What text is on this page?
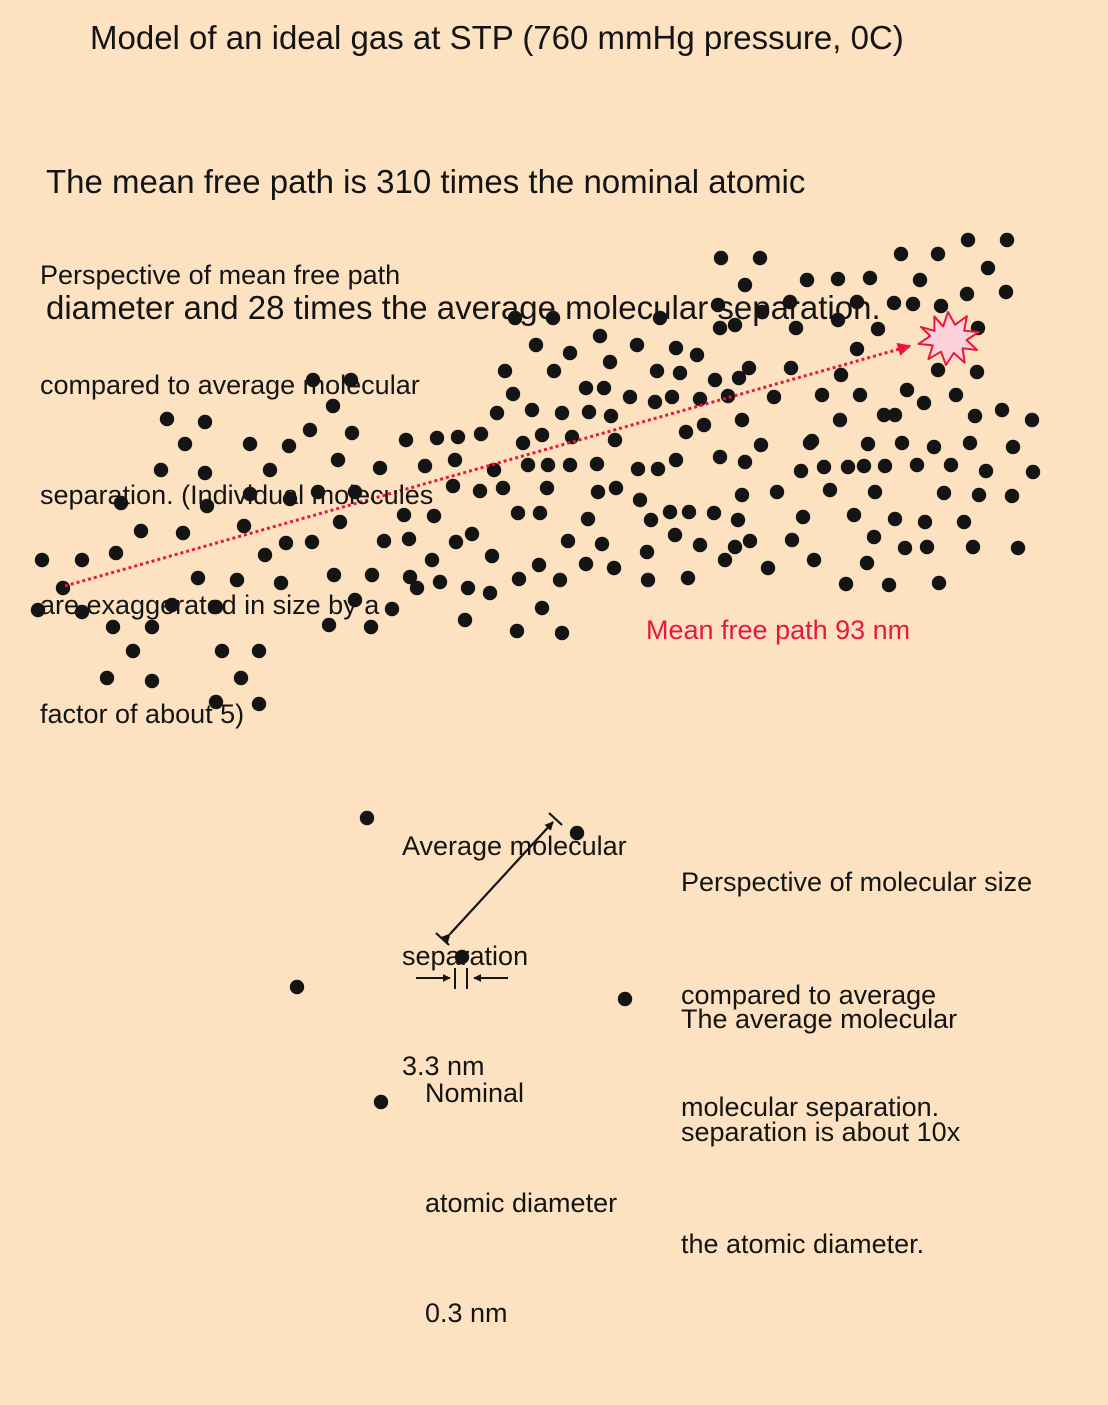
Model of an ideal gas at STP (760 mmHg pressure, 0C)

The mean free path is 310 times the nominal atomic

diameter and 28 times the average molecular separation.

Perspective of mean free path

compared to average molecular

separation. (Individual molecules

are exaggerated in size by a

factor of about 5)

Mean free path 93 nm

Average molecular

separation

3.3 nm

Nominal

atomic diameter

0.3 nm

Perspective of molecular size

compared to average

molecular separation.

The average molecular

separation is about 10x

the atomic diameter.
